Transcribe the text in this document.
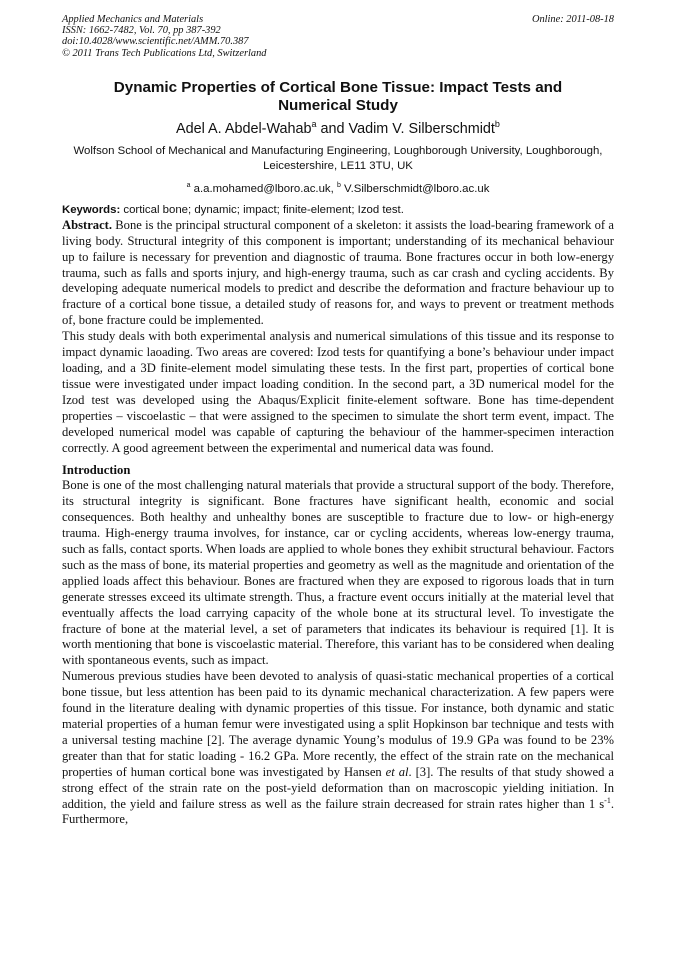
Applied Mechanics and Materials
ISSN: 1662-7482, Vol. 70, pp 387-392
doi:10.4028/www.scientific.net/AMM.70.387
© 2011 Trans Tech Publications Ltd, Switzerland
Online: 2011-08-18
Dynamic Properties of Cortical Bone Tissue: Impact Tests and Numerical Study
Adel A. Abdel-Wahab$^a$ and Vadim V. Silberschmidt$^b$
Wolfson School of Mechanical and Manufacturing Engineering, Loughborough University, Loughborough, Leicestershire, LE11 3TU, UK
$^a$ a.a.mohamed@lboro.ac.uk, $^b$ V.Silberschmidt@lboro.ac.uk
Keywords: cortical bone; dynamic; impact; finite-element; Izod test.

Abstract. Bone is the principal structural component of a skeleton: it assists the load-bearing framework of a living body. Structural integrity of this component is important; understanding of its mechanical behaviour up to failure is necessary for prevention and diagnostic of trauma. Bone fractures occur in both low-energy trauma, such as falls and sports injury, and high-energy trauma, such as car crash and cycling accidents. By developing adequate numerical models to predict and describe the deformation and fracture behaviour up to fracture of a cortical bone tissue, a detailed study of reasons for, and ways to prevent or treatment methods of, bone fracture could be implemented.

This study deals with both experimental analysis and numerical simulations of this tissue and its response to impact dynamic laoading. Two areas are covered: Izod tests for quantifying a bone’s behaviour under impact loading, and a 3D finite-element model simulating these tests. In the first part, properties of cortical bone tissue were investigated under impact loading condition. In the second part, a 3D numerical model for the Izod test was developed using the Abaqus/Explicit finite-element software. Bone has time-dependent properties – viscoelastic – that were assigned to the specimen to simulate the short term event, impact. The developed numerical model was capable of capturing the behaviour of the hammer-specimen interaction correctly. A good agreement between the experimental and numerical data was found.

Introduction

Bone is one of the most challenging natural materials that provide a structural support of the body. Therefore, its structural integrity is significant. Bone fractures have significant health, economic and social consequences. Both healthy and unhealthy bones are susceptible to fracture due to low- or high-energy trauma. High-energy trauma involves, for instance, car or cycling accidents, whereas low-energy trauma, such as falls, contact sports. When loads are applied to whole bones they exhibit structural behaviour. Factors such as the mass of bone, its material properties and geometry as well as the magnitude and orientation of the applied loads affect this behaviour. Bones are fractured when they are exposed to rigorous loads that in turn generate stresses exceed its ultimate strength. Thus, a fracture event occurs initially at the material level that eventually affects the load carrying capacity of the whole bone at its structural level. To investigate the fracture of bone at the material level, a set of parameters that indicates its behaviour is required [1]. It is worth mentioning that bone is viscoelastic material. Therefore, this variant has to be considered when dealing with spontaneous events, such as impact.

Numerous previous studies have been devoted to analysis of quasi-static mechanical properties of a cortical bone tissue, but less attention has been paid to its dynamic mechanical characterization. A few papers were found in the literature dealing with dynamic properties of this tissue. For instance, both dynamic and static material properties of a human femur were investigated using a split Hopkinson bar technique and tests with a universal testing machine [2]. The average dynamic Young’s modulus of 19.9 GPa was found to be 23% greater than that for static loading - 16.2 GPa. More recently, the effect of the strain rate on the mechanical properties of human cortical bone was investigated by Hansen et al. [3]. The results of that study showed a strong effect of the strain rate on the post-yield deformation than on macroscopic yielding initiation. In addition, the yield and failure stress as well as the failure strain decreased for strain rates higher than 1 $s^{-1}$. Furthermore,
